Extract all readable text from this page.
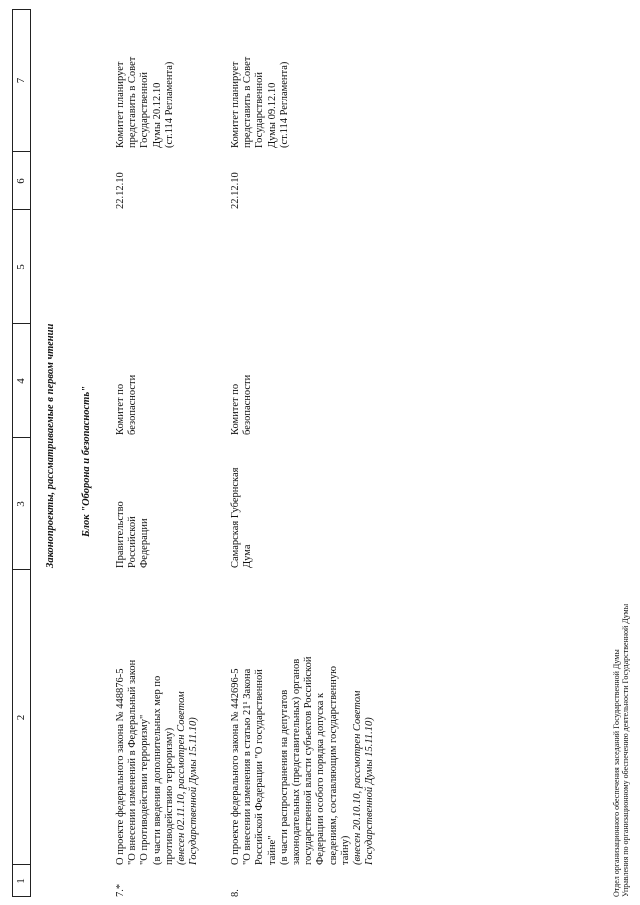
1
2
3
4
5
6
7
Законопроекты, рассматриваемые в первом чтении Блок "Оборона и безопасность"
7.*
О проекте федерального закона № 448876-5 "О внесении изменений в Федеральный закон "О противодействии терроризму" (в части введения дополнительных мер по противодействию терроризму) (внесен 02.11.10, рассмотрен Советом Государственной Думы 15.11.10)
Правительство Российской Федерации
Комитет по безопасности
22.12.10
Комитет планирует представить в Совет Государственной Думы 20.12.10 (ст.114 Регламента)
8.
О проекте федерального закона № 442696-5 "О внесении изменения в статью 21¹ Закона Российской Федерации "О государственной тайне" (в части распространения на депутатов законодательных (представительных) органов государственной власти субъектов Российской Федерации особого порядка допуска к сведениям, составляющим государственную тайну) (внесен 20.10.10, рассмотрен Советом Государственной Думы 15.11.10)
Самарская Губернская Дума
Комитет по безопасности
22.12.10
Комитет планирует представить в Совет Государственной Думы 09.12.10 (ст.114 Регламента)
Отдел организационного обеспечения заседаний Государственной Думы Управления по организационному обеспечению деятельности Государственной Думы
